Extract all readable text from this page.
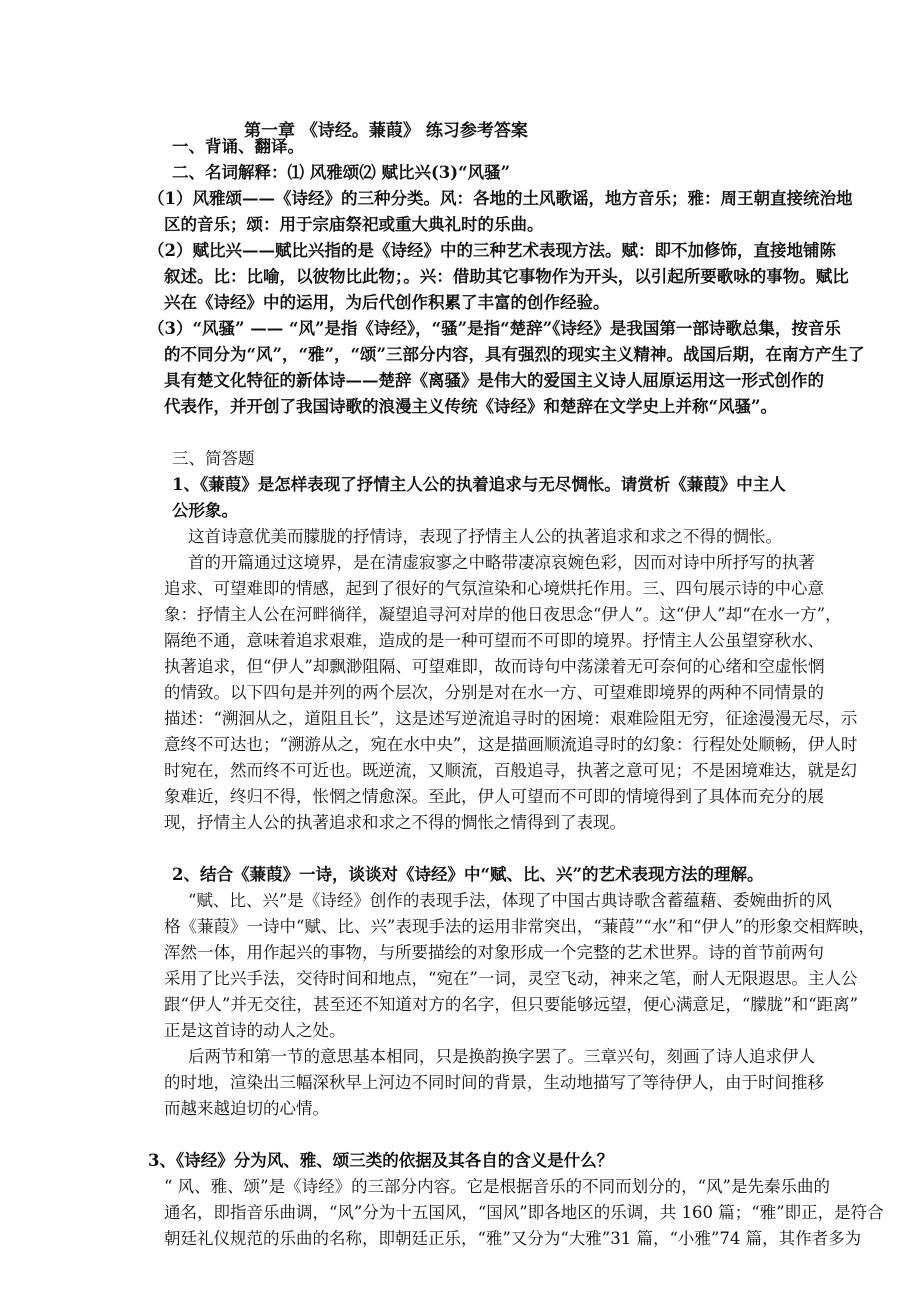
第一章 《诗经。蒹葭》 练习参考答案
一、背诵、翻译。
二、名词解释：⑴ 风雅颂⑵ 赋比兴(3)“风骚”
（1）风雅颂——《诗经》的三种分类。风：各地的土风歌谣，地方音乐；雅：周王朝直接统治地
区的音乐；颂：用于宗庙祭祀或重大典礼时的乐曲。
（2）赋比兴——赋比兴指的是《诗经》中的三种艺术表现方法。赋：即不加修饰，直接地铺陈
叙述。比：比喻，以彼物比此物；。兴：借助其它事物作为开头，以引起所要歌咏的事物。赋比
兴在《诗经》中的运用，为后代创作积累了丰富的创作经验。
（3）“风骚” —— “风”是指《诗经》，“骚”是指“楚辞”《诗经》是我国第一部诗歌总集，按音乐
的不同分为“风”，“雅”，“颂”三部分内容，具有强烈的现实主义精神。战国后期，在南方产生了
具有楚文化特征的新体诗——楚辞《离骚》是伟大的爱国主义诗人屈原运用这一形式创作的
代表作，并开创了我国诗歌的浪漫主义传统《诗经》和楚辞在文学史上并称“风骚”。
三、简答题
1、《蒹葭》是怎样表现了抒情主人公的执着追求与无尽惆怅。请赏析《蒹葭》中主人
公形象。
这首诗意优美而朦胧的抒情诗，表现了抒情主人公的执著追求和求之不得的惆怅。
首的开篇通过这境界，是在清虚寂寥之中略带凄凉哀婉色彩，因而对诗中所抒写的执著
追求、可望难即的情感，起到了很好的气氛渲染和心境烘托作用。三、四句展示诗的中心意
象：抒情主人公在河畔徜徉，凝望追寻河对岸的他日夜思念“伊人”。这“伊人”却“在水一方”，
隔绝不通，意味着追求艰难，造成的是一种可望而不可即的境界。抒情主人公虽望穿秋水、
执著追求，但“伊人”却飘渺阻隔、可望难即，故而诗句中荡漾着无可奈何的心绪和空虚怅惘
的情致。以下四句是并列的两个层次，分别是对在水一方、可望难即境界的两种不同情景的
描述：“溯洄从之，道阻且长”，这是述写逆流追寻时的困境：艰难险阻无穷，征途漫漫无尽，示
意终不可达也；“溯游从之，宛在水中央”，这是描画顺流追寻时的幻象：行程处处顺畅，伊人时
时宛在，然而终不可近也。既逆流，又顺流，百般追寻，执著之意可见；不是困境难达，就是幻
象难近，终归不得，怅惘之情愈深。至此，伊人可望而不可即的情境得到了具体而充分的展
现，抒情主人公的执著追求和求之不得的惆怅之情得到了表现。
2、结合《蒹葭》一诗，谈谈对《诗经》中“赋、比、兴”的艺术表现方法的理解。
“赋、比、兴”是《诗经》创作的表现手法，体现了中国古典诗歌含蓄蕴藉、委婉曲折的风
格《蒹葭》一诗中“赋、比、兴”表现手法的运用非常突出，“蒹葭”“水”和“伊人”的形象交相辉映，
浑然一体，用作起兴的事物，与所要描绘的对象形成一个完整的艺术世界。诗的首节前两句
采用了比兴手法，交待时间和地点，“宛在”一词，灵空飞动，神来之笔，耐人无限遐思。主人公
跟“伊人”并无交往，甚至还不知道对方的名字，但只要能够远望，便心满意足，“朦胧”和“距离”
正是这首诗的动人之处。
后两节和第一节的意思基本相同，只是换韵换字罢了。三章兴句，刻画了诗人追求伊人
的时地，渲染出三幅深秋早上河边不同时间的背景，生动地描写了等待伊人，由于时间推移
而越来越迫切的心情。
3、《诗经》分为风、雅、颂三类的依据及其各自的含义是什么？
“ 风、雅、颂”是《诗经》的三部分内容。它是根据音乐的不同而划分的，“风”是先秦乐曲的
通名，即指音乐曲调，“风”分为十五国风，“国风”即各地区的乐调，共 160 篇；“雅”即正，是符合
朝廷礼仪规范的乐曲的名称，即朝廷正乐，“雅”又分为“大雅”31 篇，“小雅”74 篇，其作者多为
